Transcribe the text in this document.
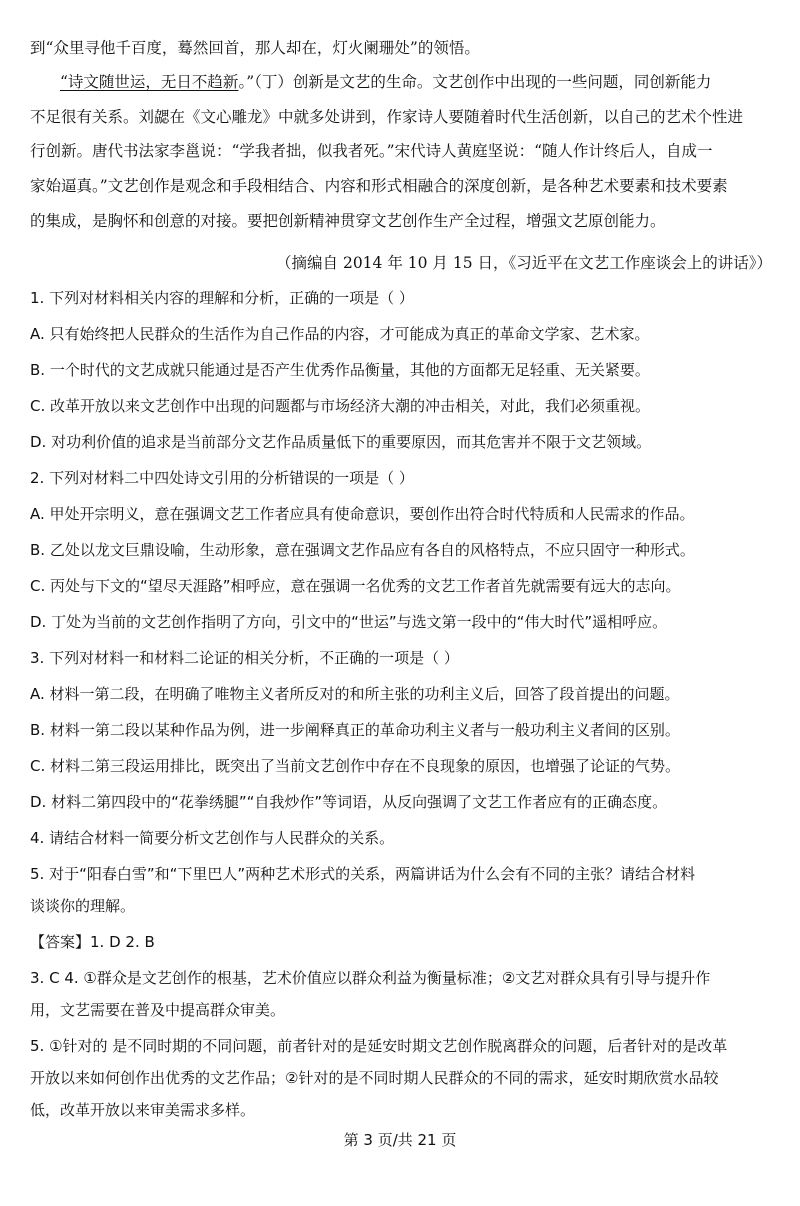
到“众里寻他千百度，蓦然回首，那人却在，灯火阑珊处”的领悟。
“诗文随世运，无日不趋新。”（丁）创新是文艺的生命。文艺创作中出现的一些问题，同创新能力
不足很有关系。刘勰在《文心雕龙》中就多处讲到，作家诗人要随着时代生活创新，以自己的艺术个性进
行创新。唐代书法家李邕说：“学我者拙，似我者死。”宋代诗人黄庭坚说：“随人作计终后人，自成一
家始逼真。”文艺创作是观念和手段相结合、内容和形式相融合的深度创新，是各种艺术要素和技术要素
的集成，是胸怀和创意的对接。要把创新精神贯穿文艺创作生产全过程，增强文艺原创能力。
（摘编自 2014 年 10 月 15 日，《习近平在文艺工作座谈会上的讲话》）
1. 下列对材料相关内容的理解和分析，正确的一项是（ ）
A. 只有始终把人民群众的生活作为自己作品的内容，才可能成为真正的革命文学家、艺术家。
B. 一个时代的文艺成就只能通过是否产生优秀作品衡量，其他的方面都无足轻重、无关紧要。
C. 改革开放以来文艺创作中出现的问题都与市场经济大潮的冲击相关，对此，我们必须重视。
D. 对功利价值的追求是当前部分文艺作品质量低下的重要原因，而其危害并不限于文艺领域。
2. 下列对材料二中四处诗文引用的分析错误的一项是（ ）
A. 甲处开宗明义，意在强调文艺工作者应具有使命意识，要创作出符合时代特质和人民需求的作品。
B. 乙处以龙文巨鼎设喻，生动形象，意在强调文艺作品应有各自的风格特点，不应只固守一种形式。
C. 丙处与下文的“望尽天涯路”相呼应，意在强调一名优秀的文艺工作者首先就需要有远大的志向。
D. 丁处为当前的文艺创作指明了方向，引文中的“世运”与选文第一段中的“伟大时代”遥相呼应。
3. 下列对材料一和材料二论证的相关分析，不正确的一项是（ ）
A. 材料一第二段，在明确了唯物主义者所反对的和所主张的功利主义后，回答了段首提出的问题。
B. 材料一第二段以某种作品为例，进一步阐释真正的革命功利主义者与一般功利主义者间的区别。
C. 材料二第三段运用排比，既突出了当前文艺创作中存在不良现象的原因，也增强了论证的气势。
D. 材料二第四段中的“花拳绣腿”“自我炒作”等词语，从反向强调了文艺工作者应有的正确态度。
4. 请结合材料一简要分析文艺创作与人民群众的关系。
5. 对于“阳春白雪”和“下里巴人”两种艺术形式的关系，两篇讲话为什么会有不同的主张？请结合材料
谈谈你的理解。
【答案】1. D 2. B
3. C 4. ①群众是文艺创作的根基，艺术价值应以群众利益为衡量标准；②文艺对群众具有引导与提升作
用，文艺需要在普及中提高群众审美。
5. ①针对的 是不同时期的不同问题，前者针对的是延安时期文艺创作脱离群众的问题，后者针对的是改革
开放以来如何创作出优秀的文艺作品；②针对的是不同时期人民群众的不同的需求，延安时期欣赏水品较
低，改革开放以来审美需求多样。
第 3 页/共 21 页
